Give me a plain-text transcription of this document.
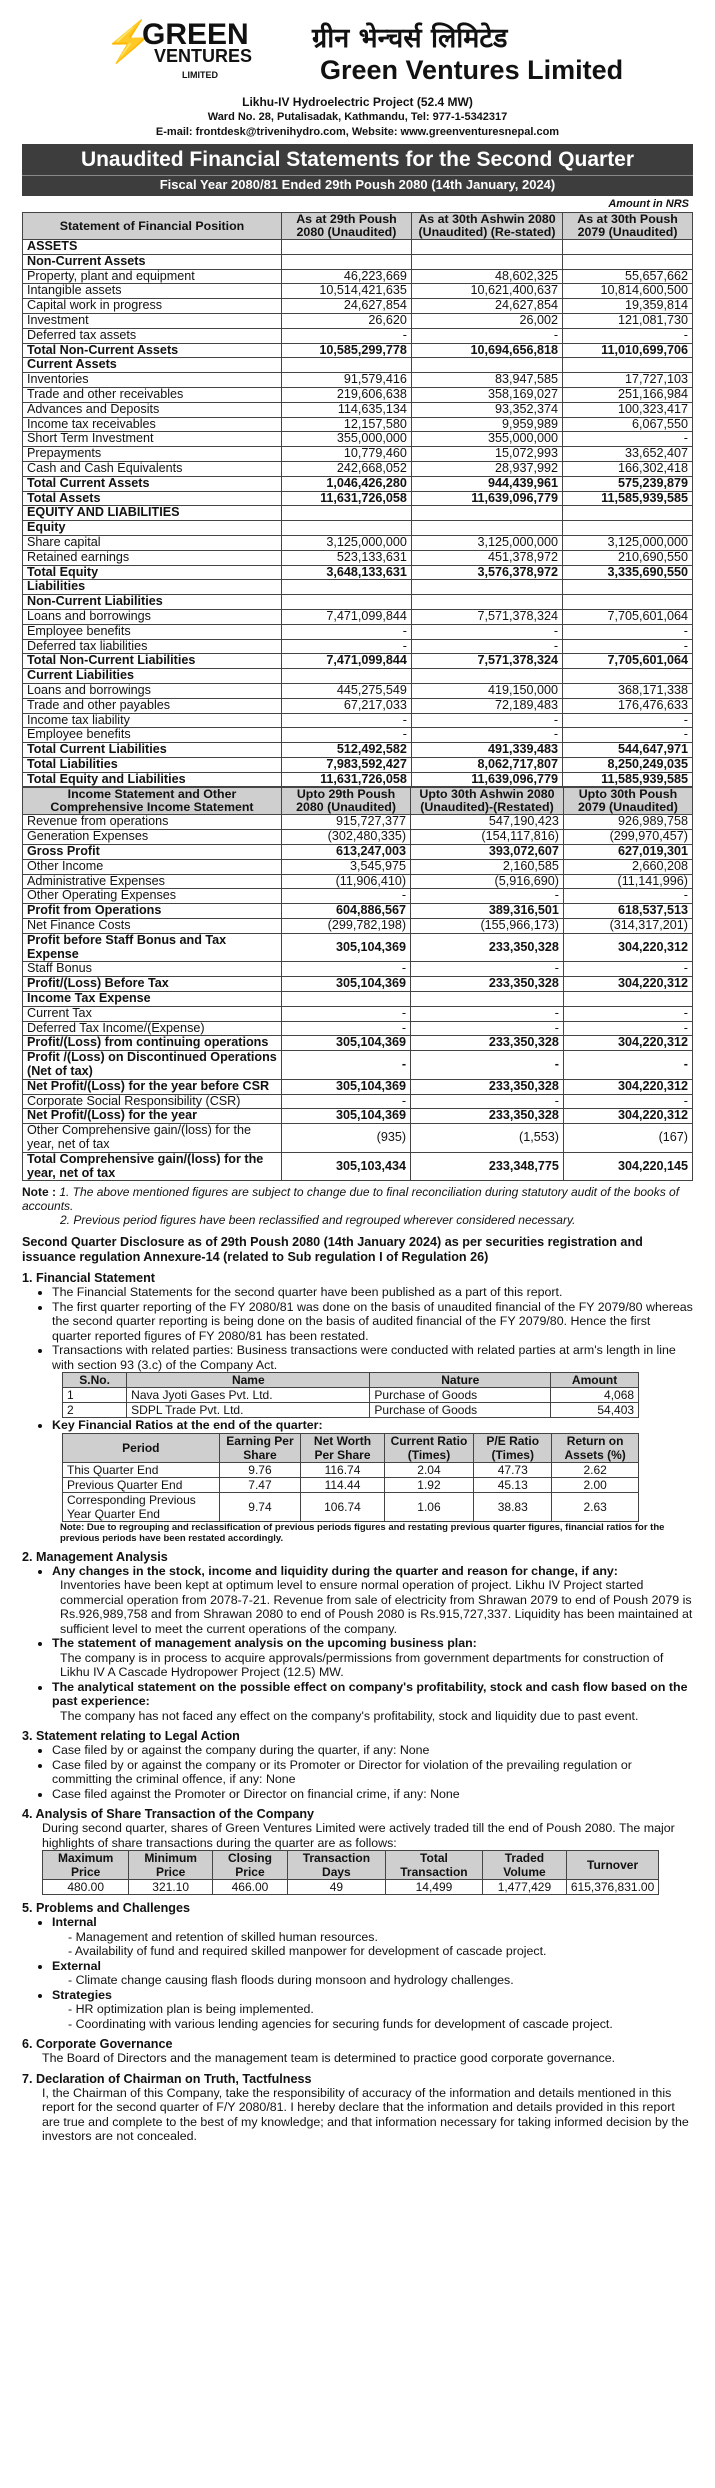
⚡
GREEN
VENTURES
LIMITED
ग्रीन भेन्चर्स लिमिटेड
Green Ventures Limited
Likhu-IV Hydroelectric Project (52.4 MW)
Ward No. 28, Putalisadak, Kathmandu, Tel: 977-1-5342317
E-mail: frontdesk@trivenihydro.com, Website: www.greenventuresnepal.com
Unaudited Financial Statements for the Second Quarter
Fiscal Year 2080/81 Ended 29th Poush 2080 (14th January, 2024)
Amount in NRS
Statement of Financial Position	As at 29th Poush 2080 (Unaudited)	As at 30th Ashwin 2080 (Unaudited) (Re-stated)	As at 30th Poush 2079 (Unaudited)
ASSETS			
Non-Current Assets			
Property, plant and equipment	46,223,669	48,602,325	55,657,662
Intangible assets	10,514,421,635	10,621,400,637	10,814,600,500
Capital work in progress	24,627,854	24,627,854	19,359,814
Investment	26,620	26,002	121,081,730
Deferred tax assets	-	-	-
Total Non-Current Assets	10,585,299,778	10,694,656,818	11,010,699,706
Current Assets			
Inventories	91,579,416	83,947,585	17,727,103
Trade and other receivables	219,606,638	358,169,027	251,166,984
Advances and Deposits	114,635,134	93,352,374	100,323,417
Income tax receivables	12,157,580	9,959,989	6,067,550
Short Term Investment	355,000,000	355,000,000	-
Prepayments	10,779,460	15,072,993	33,652,407
Cash and Cash Equivalents	242,668,052	28,937,992	166,302,418
Total Current Assets	1,046,426,280	944,439,961	575,239,879
Total Assets	11,631,726,058	11,639,096,779	11,585,939,585
EQUITY AND LIABILITIES			
Equity			
Share capital	3,125,000,000	3,125,000,000	3,125,000,000
Retained earnings	523,133,631	451,378,972	210,690,550
Total Equity	3,648,133,631	3,576,378,972	3,335,690,550
Liabilities			
Non-Current Liabilities			
Loans and borrowings	7,471,099,844	7,571,378,324	7,705,601,064
Employee benefits	-	-	-
Deferred tax liabilities	-	-	-
Total Non-Current Liabilities	7,471,099,844	7,571,378,324	7,705,601,064
Current Liabilities			
Loans and borrowings	445,275,549	419,150,000	368,171,338
Trade and other payables	67,217,033	72,189,483	176,476,633
Income tax liability	-	-	-
Employee benefits	-	-	-
Total Current Liabilities	512,492,582	491,339,483	544,647,971
Total Liabilities	7,983,592,427	8,062,717,807	8,250,249,035
Total Equity and Liabilities	11,631,726,058	11,639,096,779	11,585,939,585
Income Statement and Other Comprehensive Income Statement	Upto 29th Poush 2080 (Unaudited)	Upto 30th Ashwin 2080 (Unaudited)-(Restated)	Upto 30th Poush 2079 (Unaudited)
Revenue from operations	915,727,377	547,190,423	926,989,758
Generation Expenses	(302,480,335)	(154,117,816)	(299,970,457)
Gross Profit	613,247,003	393,072,607	627,019,301
Other Income	3,545,975	2,160,585	2,660,208
Administrative Expenses	(11,906,410)	(5,916,690)	(11,141,996)
Other Operating Expenses	-	-	-
Profit from Operations	604,886,567	389,316,501	618,537,513
Net Finance Costs	(299,782,198)	(155,966,173)	(314,317,201)
Profit before Staff Bonus and Tax Expense	305,104,369	233,350,328	304,220,312
Staff Bonus	-	-	-
Profit/(Loss) Before Tax	305,104,369	233,350,328	304,220,312
Income Tax Expense			
Current Tax	-	-	-
Deferred Tax Income/(Expense)	-	-	-
Profit/(Loss) from continuing operations	305,104,369	233,350,328	304,220,312
Profit /(Loss) on Discontinued Operations (Net of tax)	-	-	-
Net Profit/(Loss) for the year before CSR	305,104,369	233,350,328	304,220,312
Corporate Social Responsibility (CSR)	-	-	-
Net Profit/(Loss) for the year	305,104,369	233,350,328	304,220,312
Other Comprehensive gain/(loss) for the year, net of tax	(935)	(1,553)	(167)
Total Comprehensive gain/(loss) for the year, net of tax	305,103,434	233,348,775	304,220,145
Note : 1. The above mentioned figures are subject to change due to final reconciliation during statutory audit of the books of accounts.
2. Previous period figures have been reclassified and regrouped wherever considered necessary.
Second Quarter Disclosure as of 29th Poush 2080 (14th January 2024) as per securities registration and issuance regulation Annexure-14 (related to Sub regulation I of Regulation 26)
1. Financial Statement
• The Financial Statements for the second quarter have been published as a part of this report.
• The first quarter reporting of the FY 2080/81 was done on the basis of unaudited financial of the FY 2079/80 whereas the second quarter reporting is being done on the basis of audited financial of the FY 2079/80. Hence the first quarter reported figures of FY 2080/81 has been restated.
• Transactions with related parties: Business transactions were conducted with related parties at arm's length in line with section 93 (3.c) of the Company Act.
S.No.	Name	Nature	Amount
1	Nava Jyoti Gases Pvt. Ltd.	Purchase of Goods	4,068
2	SDPL Trade Pvt. Ltd.	Purchase of Goods	54,403
• Key Financial Ratios at the end of the quarter:
Period	Earning Per Share	Net Worth Per Share	Current Ratio (Times)	P/E Ratio (Times)	Return on Assets (%)
This Quarter End	9.76	116.74	2.04	47.73	2.62
Previous Quarter End	7.47	114.44	1.92	45.13	2.00
Corresponding Previous Year Quarter End	9.74	106.74	1.06	38.83	2.63
Note: Due to regrouping and reclassification of previous periods figures and restating previous quarter figures, financial ratios for the previous periods have been restated accordingly.
2. Management Analysis
• Any changes in the stock, income and liquidity during the quarter and reason for change, if any:
Inventories have been kept at optimum level to ensure normal operation of project. Likhu IV Project started commercial operation from 2078-7-21. Revenue from sale of electricity from Shrawan 2079 to end of Poush 2079 is Rs.926,989,758 and from Shrawan 2080 to end of Poush 2080 is Rs.915,727,337. Liquidity has been maintained at sufficient level to meet the current operations of the company.
• The statement of management analysis on the upcoming business plan:
The company is in process to acquire approvals/permissions from government departments for construction of Likhu IV A Cascade Hydropower Project (12.5) MW.
• The analytical statement on the possible effect on company's profitability, stock and cash flow based on the past experience:
The company has not faced any effect on the company's profitability, stock and liquidity due to past event.
3. Statement relating to Legal Action
• Case filed by or against the company during the quarter, if any: None
• Case filed by or against the company or its Promoter or Director for violation of the prevailing regulation or committing the criminal offence, if any: None
• Case filed against the Promoter or Director on financial crime, if any: None
4. Analysis of Share Transaction of the Company
During second quarter, shares of Green Ventures Limited were actively traded till the end of Poush 2080. The major highlights of share transactions during the quarter are as follows:
Maximum Price	Minimum Price	Closing Price	Transaction Days	Total Transaction	Traded Volume	Turnover
480.00	321.10	466.00	49	14,499	1,477,429	615,376,831.00
5. Problems and Challenges
• Internal
- Management and retention of skilled human resources.
- Availability of fund and required skilled manpower for development of cascade project.
• External
- Climate change causing flash floods during monsoon and hydrology challenges.
• Strategies
- HR optimization plan is being implemented.
- Coordinating with various lending agencies for securing funds for development of cascade project.
6. Corporate Governance
The Board of Directors and the management team is determined to practice good corporate governance.
7. Declaration of Chairman on Truth, Tactfulness
I, the Chairman of this Company, take the responsibility of accuracy of the information and details mentioned in this report for the second quarter of F/Y 2080/81. I hereby declare that the information and details provided in this report are true and complete to the best of my knowledge; and that information necessary for taking informed decision by the investors are not concealed.
